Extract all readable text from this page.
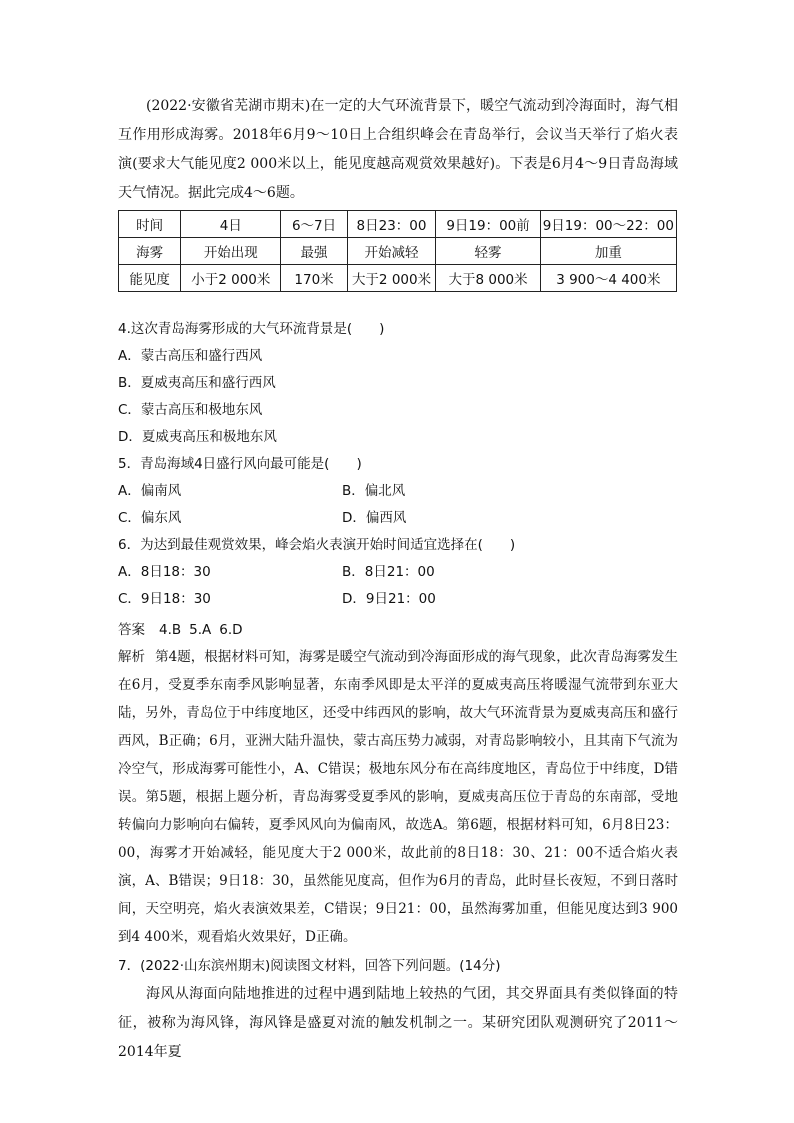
(2022·安徽省芜湖市期末)在一定的大气环流背景下，暖空气流动到冷海面时，海气相互作用形成海雾。2018年6月9～10日上合组织峰会在青岛举行，会议当天举行了焰火表演(要求大气能见度2 000米以上，能见度越高观赏效果越好)。下表是6月4～9日青岛海域天气情况。据此完成4～6题。

时间	4日	6～7日	8日23：00	9日19：00前	9日19：00～22：00
海雾	开始出现	最强	开始减轻	轻雾	加重
能见度	小于2 000米	170米	大于2 000米	大于8 000米	3 900～4 400米

4.这次青岛海雾形成的大气环流背景是(　　)

A．蒙古高压和盛行西风

B．夏威夷高压和盛行西风

C．蒙古高压和极地东风

D．夏威夷高压和极地东风

5．青岛海域4日盛行风向最可能是(　　)

A．偏南风	B．偏北风

C．偏东风	D．偏西风

6．为达到最佳观赏效果，峰会焰火表演开始时间适宜选择在(　　)

A．8日18：30	B．8日21：00

C．9日18：30	D．9日21：00

答案 4.B 5.A 6.D

解析 第4题，根据材料可知，海雾是暖空气流动到冷海面形成的海气现象，此次青岛海雾发生在6月，受夏季东南季风影响显著，东南季风即是太平洋的夏威夷高压将暖湿气流带到东亚大陆，另外，青岛位于中纬度地区，还受中纬西风的影响，故大气环流背景为夏威夷高压和盛行西风，B正确；6月，亚洲大陆升温快，蒙古高压势力减弱，对青岛影响较小，且其南下气流为冷空气，形成海雾可能性小，A、C错误；极地东风分布在高纬度地区，青岛位于中纬度，D错误。第5题，根据上题分析，青岛海雾受夏季风的影响，夏威夷高压位于青岛的东南部，受地转偏向力影响向右偏转，夏季风风向为偏南风，故选A。第6题，根据材料可知，6月8日23：00，海雾才开始减轻，能见度大于2 000米，故此前的8日18：30、21：00不适合焰火表演，A、B错误；9日18：30，虽然能见度高，但作为6月的青岛，此时昼长夜短，不到日落时间，天空明亮，焰火表演效果差，C错误；9日21：00，虽然海雾加重，但能见度达到3 900到4 400米，观看焰火效果好，D正确。

7．(2022·山东滨州期末)阅读图文材料，回答下列问题。(14分)

海风从海面向陆地推进的过程中遇到陆地上较热的气团，其交界面具有类似锋面的特征，被称为海风锋，海风锋是盛夏对流的触发机制之一。某研究团队观测研究了2011～2014年夏
